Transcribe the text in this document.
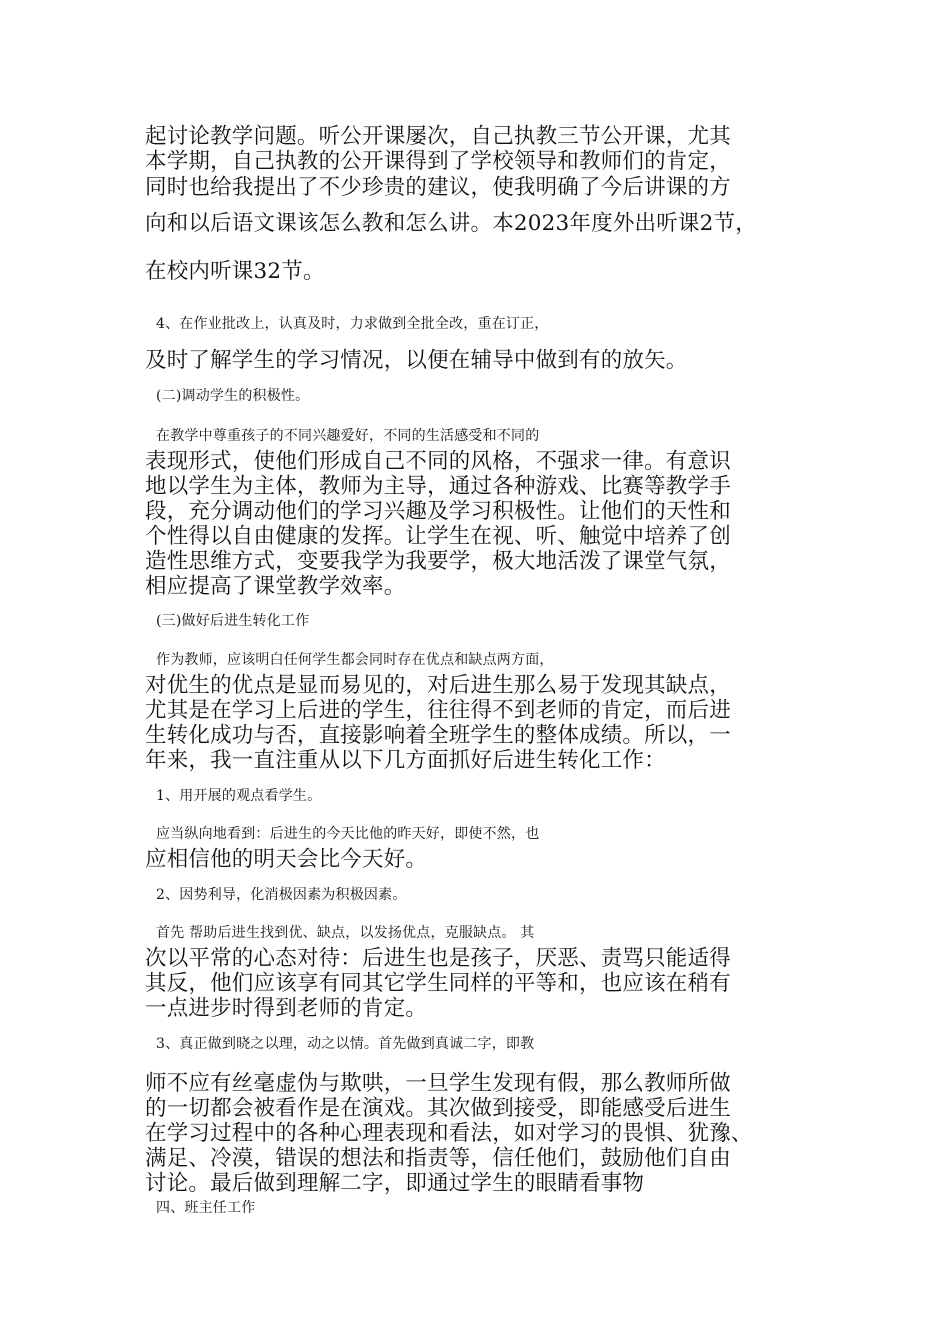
起讨论教学问题。听公开课屡次，自己执教三节公开课，尤其
本学期，自己执教的公开课得到了学校领导和教师们的肯定，
同时也给我提出了不少珍贵的建议，使我明确了今后讲课的方
向和以后语文课该怎么教和怎么讲。本2023年度外出听课2节，
在校内听课32节。
4、在作业批改上，认真及时，力求做到全批全改，重在订正，
及时了解学生的学习情况，以便在辅导中做到有的放矢。
(二)调动学生的积极性。
在教学中尊重孩子的不同兴趣爱好，不同的生活感受和不同的
表现形式，使他们形成自己不同的风格，不强求一律。有意识
地以学生为主体，教师为主导，通过各种游戏、比赛等教学手
段，充分调动他们的学习兴趣及学习积极性。让他们的天性和
个性得以自由健康的发挥。让学生在视、听、触觉中培养了创
造性思维方式，变要我学为我要学，极大地活泼了课堂气氛，
相应提高了课堂教学效率。
(三)做好后进生转化工作
作为教师，应该明白任何学生都会同时存在优点和缺点两方面，
对优生的优点是显而易见的，对后进生那么易于发现其缺点，
尤其是在学习上后进的学生，往往得不到老师的肯定，而后进
生转化成功与否，直接影响着全班学生的整体成绩。所以，一
年来，我一直注重从以下几方面抓好后进生转化工作：
1、用开展的观点看学生。
应当纵向地看到：后进生的今天比他的昨天好，即使不然，也
应相信他的明天会比今天好。
2、因势利导，化消极因素为积极因素。
首先 帮助后进生找到优、缺点，以发扬优点，克服缺点。 其
次以平常的心态对待：后进生也是孩子，厌恶、责骂只能适得
其反，他们应该享有同其它学生同样的平等和，也应该在稍有
一点进步时得到老师的肯定。
3、真正做到晓之以理，动之以情。首先做到真诚二字，即教
师不应有丝毫虚伪与欺哄，一旦学生发现有假，那么教师所做
的一切都会被看作是在演戏。其次做到接受，即能感受后进生
在学习过程中的各种心理表现和看法，如对学习的畏惧、犹豫、
满足、冷漠，错误的想法和指责等，信任他们，鼓励他们自由
讨论。最后做到理解二字，即通过学生的眼睛看事物
四、班主任工作
